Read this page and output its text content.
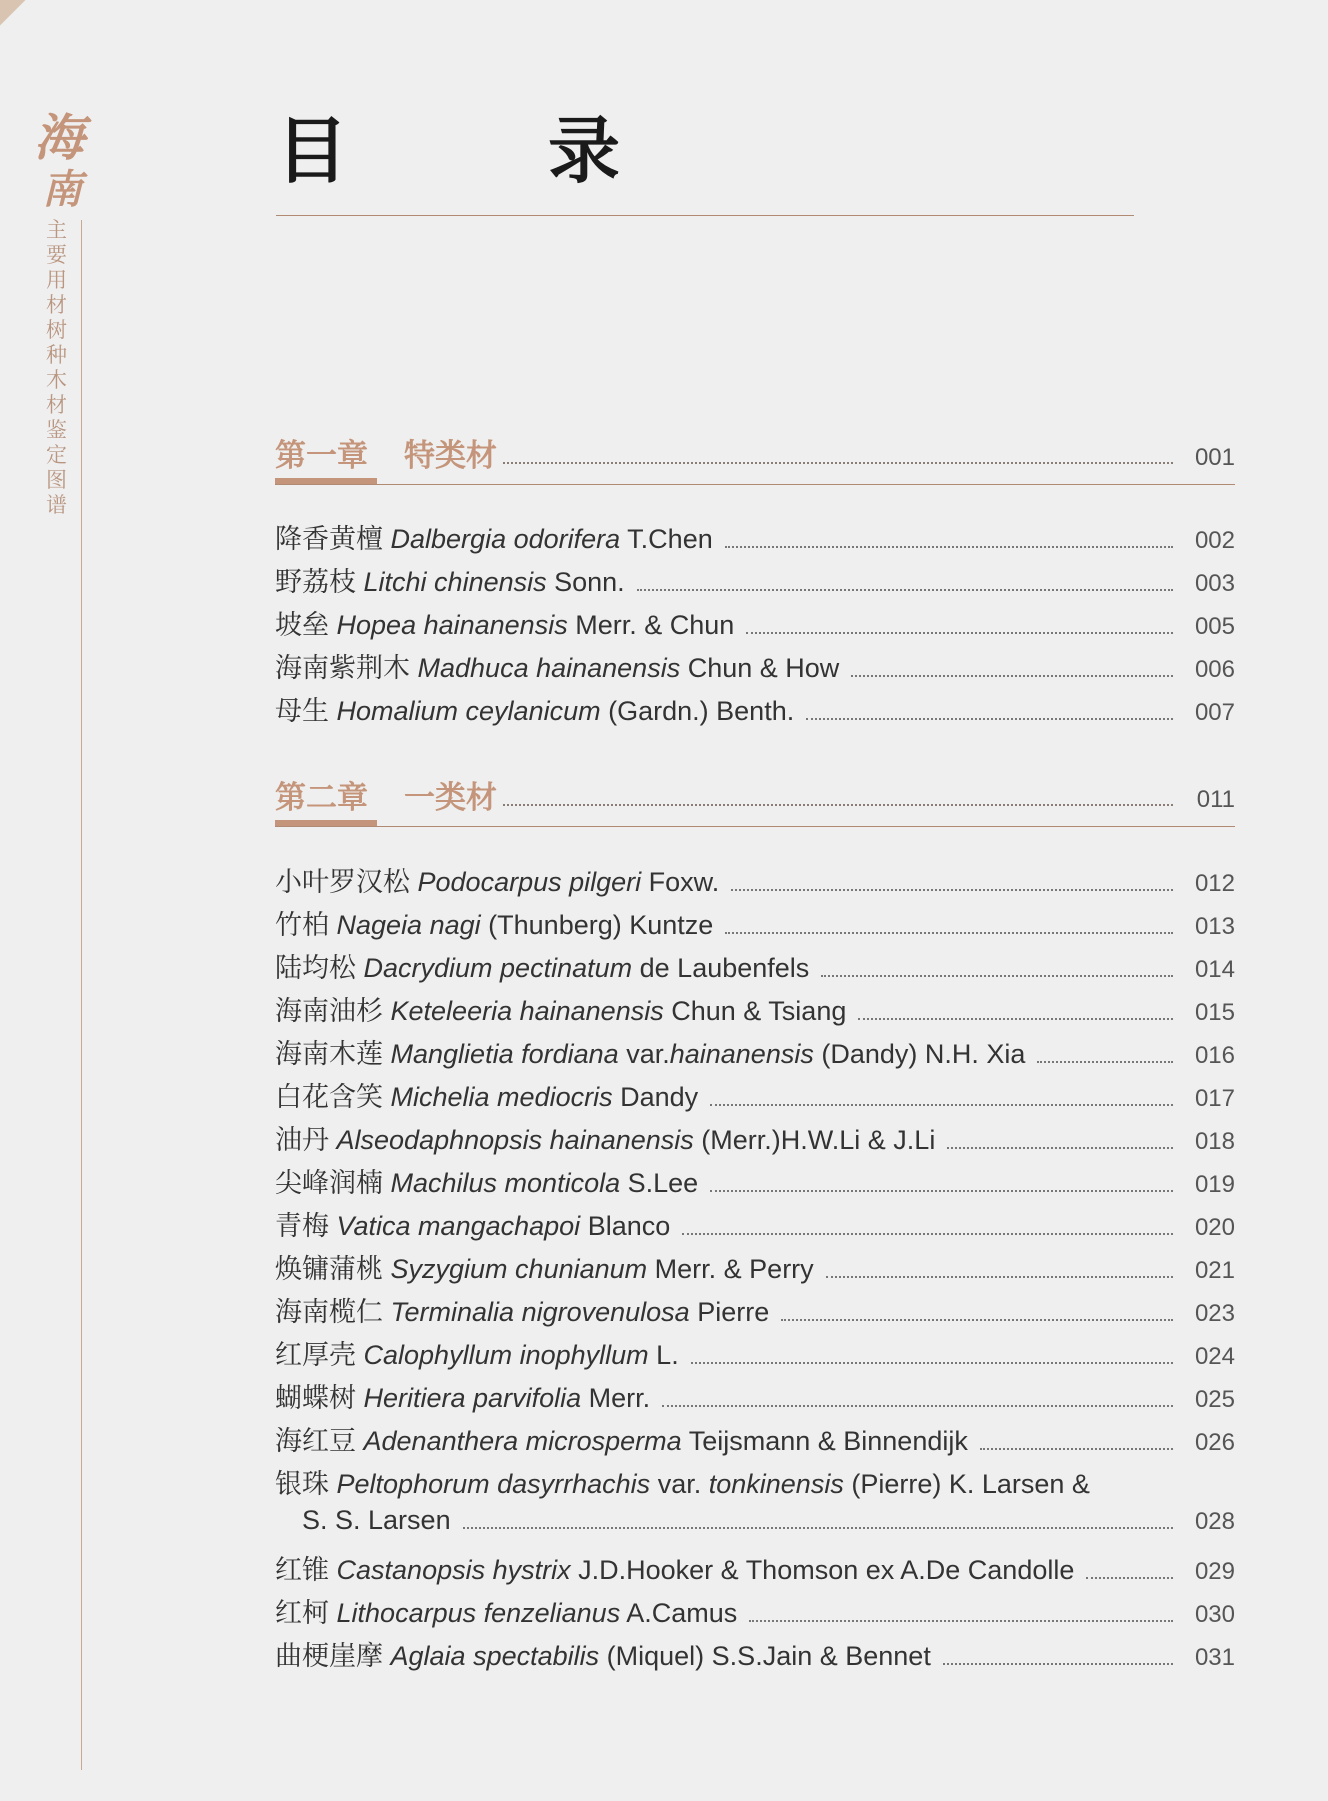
海
南
主要用材树种木材鉴定图谱
目　录
第一章 特类材	001
降香黄檀 Dalbergia odorifera T.Chen	002
野荔枝 Litchi chinensis Sonn.	003
坡垒 Hopea hainanensis Merr. & Chun	005
海南紫荆木 Madhuca hainanensis Chun & How	006
母生 Homalium ceylanicum (Gardn.) Benth.	007
第二章 一类材	011
小叶罗汉松 Podocarpus pilgeri Foxw.	012
竹柏 Nageia nagi (Thunberg) Kuntze	013
陆均松 Dacrydium pectinatum de Laubenfels	014
海南油杉 Keteleeria hainanensis Chun & Tsiang	015
海南木莲 Manglietia fordiana var.hainanensis (Dandy) N.H. Xia	016
白花含笑 Michelia mediocris Dandy	017
油丹 Alseodaphnopsis hainanensis (Merr.)H.W.Li & J.Li	018
尖峰润楠 Machilus monticola S.Lee	019
青梅 Vatica mangachapoi Blanco	020
焕镛蒲桃 Syzygium chunianum Merr. & Perry	021
海南榄仁 Terminalia nigrovenulosa Pierre	023
红厚壳 Calophyllum inophyllum L.	024
蝴蝶树 Heritiera parvifolia Merr.	025
海红豆 Adenanthera microsperma Teijsmann & Binnendijk	026
银珠 Peltophorum dasyrrhachis var. tonkinensis (Pierre) K. Larsen &
S. S. Larsen	028
红锥 Castanopsis hystrix J.D.Hooker & Thomson ex A.De Candolle	029
红柯 Lithocarpus fenzelianus A.Camus	030
曲梗崖摩 Aglaia spectabilis (Miquel) S.S.Jain & Bennet	031
